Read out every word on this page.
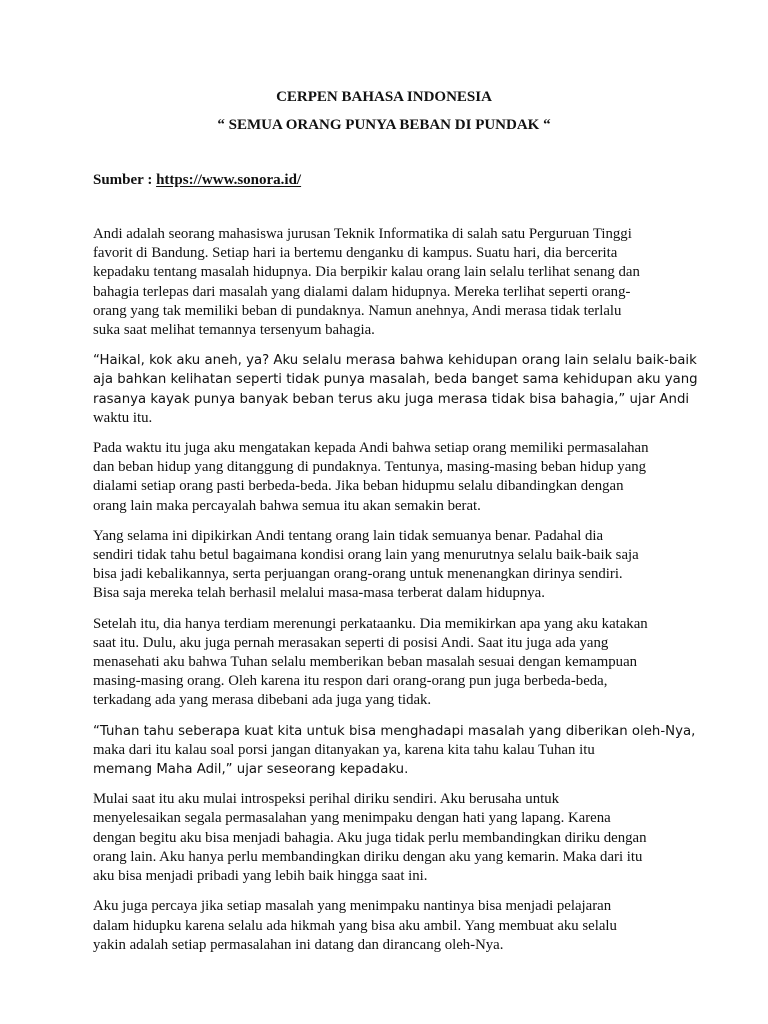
CERPEN BAHASA INDONESIA

“ SEMUA ORANG PUNYA BEBAN DI PUNDAK “

Sumber : https://www.sonora.id/

Andi adalah seorang mahasiswa jurusan Teknik Informatika di salah satu Perguruan Tinggi
favorit di Bandung. Setiap hari ia bertemu denganku di kampus. Suatu hari, dia bercerita
kepadaku tentang masalah hidupnya. Dia berpikir kalau orang lain selalu terlihat senang dan
bahagia terlepas dari masalah yang dialami dalam hidupnya. Mereka terlihat seperti orang-
orang yang tak memiliki beban di pundaknya. Namun anehnya, Andi merasa tidak terlalu
suka saat melihat temannya tersenyum bahagia.

“Haikal, kok aku aneh, ya? Aku selalu merasa bahwa kehidupan orang lain selalu baik-baik
aja bahkan kelihatan seperti tidak punya masalah, beda banget sama kehidupan aku yang
rasanya kayak punya banyak beban terus aku juga merasa tidak bisa bahagia,” ujar Andi
waktu itu.

Pada waktu itu juga aku mengatakan kepada Andi bahwa setiap orang memiliki permasalahan
dan beban hidup yang ditanggung di pundaknya. Tentunya, masing-masing beban hidup yang
dialami setiap orang pasti berbeda-beda. Jika beban hidupmu selalu dibandingkan dengan
orang lain maka percayalah bahwa semua itu akan semakin berat.

Yang selama ini dipikirkan Andi tentang orang lain tidak semuanya benar. Padahal dia
sendiri tidak tahu betul bagaimana kondisi orang lain yang menurutnya selalu baik-baik saja
bisa jadi kebalikannya, serta perjuangan orang-orang untuk menenangkan dirinya sendiri.
Bisa saja mereka telah berhasil melalui masa-masa terberat dalam hidupnya.

Setelah itu, dia hanya terdiam merenungi perkataanku. Dia memikirkan apa yang aku katakan
saat itu. Dulu, aku juga pernah merasakan seperti di posisi Andi. Saat itu juga ada yang
menasehati aku bahwa Tuhan selalu memberikan beban masalah sesuai dengan kemampuan
masing-masing orang. Oleh karena itu respon dari orang-orang pun juga berbeda-beda,
terkadang ada yang merasa dibebani ada juga yang tidak.

“Tuhan tahu seberapa kuat kita untuk bisa menghadapi masalah yang diberikan oleh-Nya,
maka dari itu kalau soal porsi jangan ditanyakan ya, karena kita tahu kalau Tuhan itu
memang Maha Adil,” ujar seseorang kepadaku.

Mulai saat itu aku mulai introspeksi perihal diriku sendiri. Aku berusaha untuk
menyelesaikan segala permasalahan yang menimpaku dengan hati yang lapang. Karena
dengan begitu aku bisa menjadi bahagia. Aku juga tidak perlu membandingkan diriku dengan
orang lain. Aku hanya perlu membandingkan diriku dengan aku yang kemarin. Maka dari itu
aku bisa menjadi pribadi yang lebih baik hingga saat ini.

Aku juga percaya jika setiap masalah yang menimpaku nantinya bisa menjadi pelajaran
dalam hidupku karena selalu ada hikmah yang bisa aku ambil. Yang membuat aku selalu
yakin adalah setiap permasalahan ini datang dan dirancang oleh-Nya.
